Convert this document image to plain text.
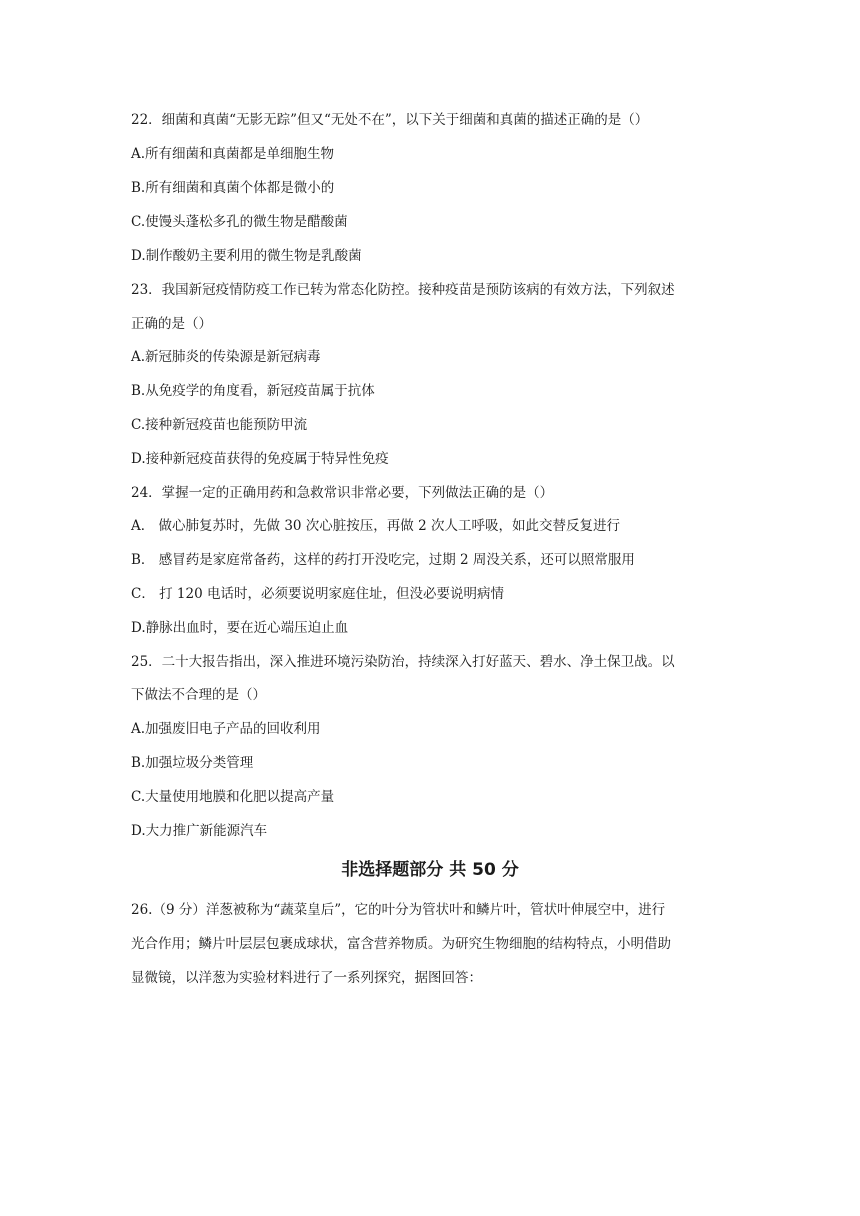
22．细菌和真菌“无影无踪”但又“无处不在”，以下关于细菌和真菌的描述正确的是（）
A.所有细菌和真菌都是单细胞生物
B.所有细菌和真菌个体都是微小的
C.使馒头蓬松多孔的微生物是醋酸菌
D.制作酸奶主要利用的微生物是乳酸菌
23．我国新冠疫情防疫工作已转为常态化防控。接种疫苗是预防该病的有效方法，下列叙述
正确的是（）
A.新冠肺炎的传染源是新冠病毒
B.从免疫学的角度看，新冠疫苗属于抗体
C.接种新冠疫苗也能预防甲流
D.接种新冠疫苗获得的免疫属于特异性免疫
24．掌握一定的正确用药和急救常识非常必要，下列做法正确的是（）
A． 做心肺复苏时，先做 30 次心脏按压，再做 2 次人工呼吸，如此交替反复进行
B． 感冒药是家庭常备药，这样的药打开没吃完，过期 2 周没关系，还可以照常服用
C． 打 120 电话时，必须要说明家庭住址，但没必要说明病情
D.静脉出血时，要在近心端压迫止血
25．二十大报告指出，深入推进环境污染防治，持续深入打好蓝天、碧水、净土保卫战。以
下做法不合理的是（）
A.加强废旧电子产品的回收利用
B.加强垃圾分类管理
C.大量使用地膜和化肥以提高产量
D.大力推广新能源汽车
非选择题部分 共 50 分
26.（9 分）洋葱被称为“蔬菜皇后”，它的叶分为管状叶和鳞片叶，管状叶伸展空中，进行
光合作用；鳞片叶层层包裹成球状，富含营养物质。为研究生物细胞的结构特点，小明借助
显微镜，以洋葱为实验材料进行了一系列探究，据图回答：
